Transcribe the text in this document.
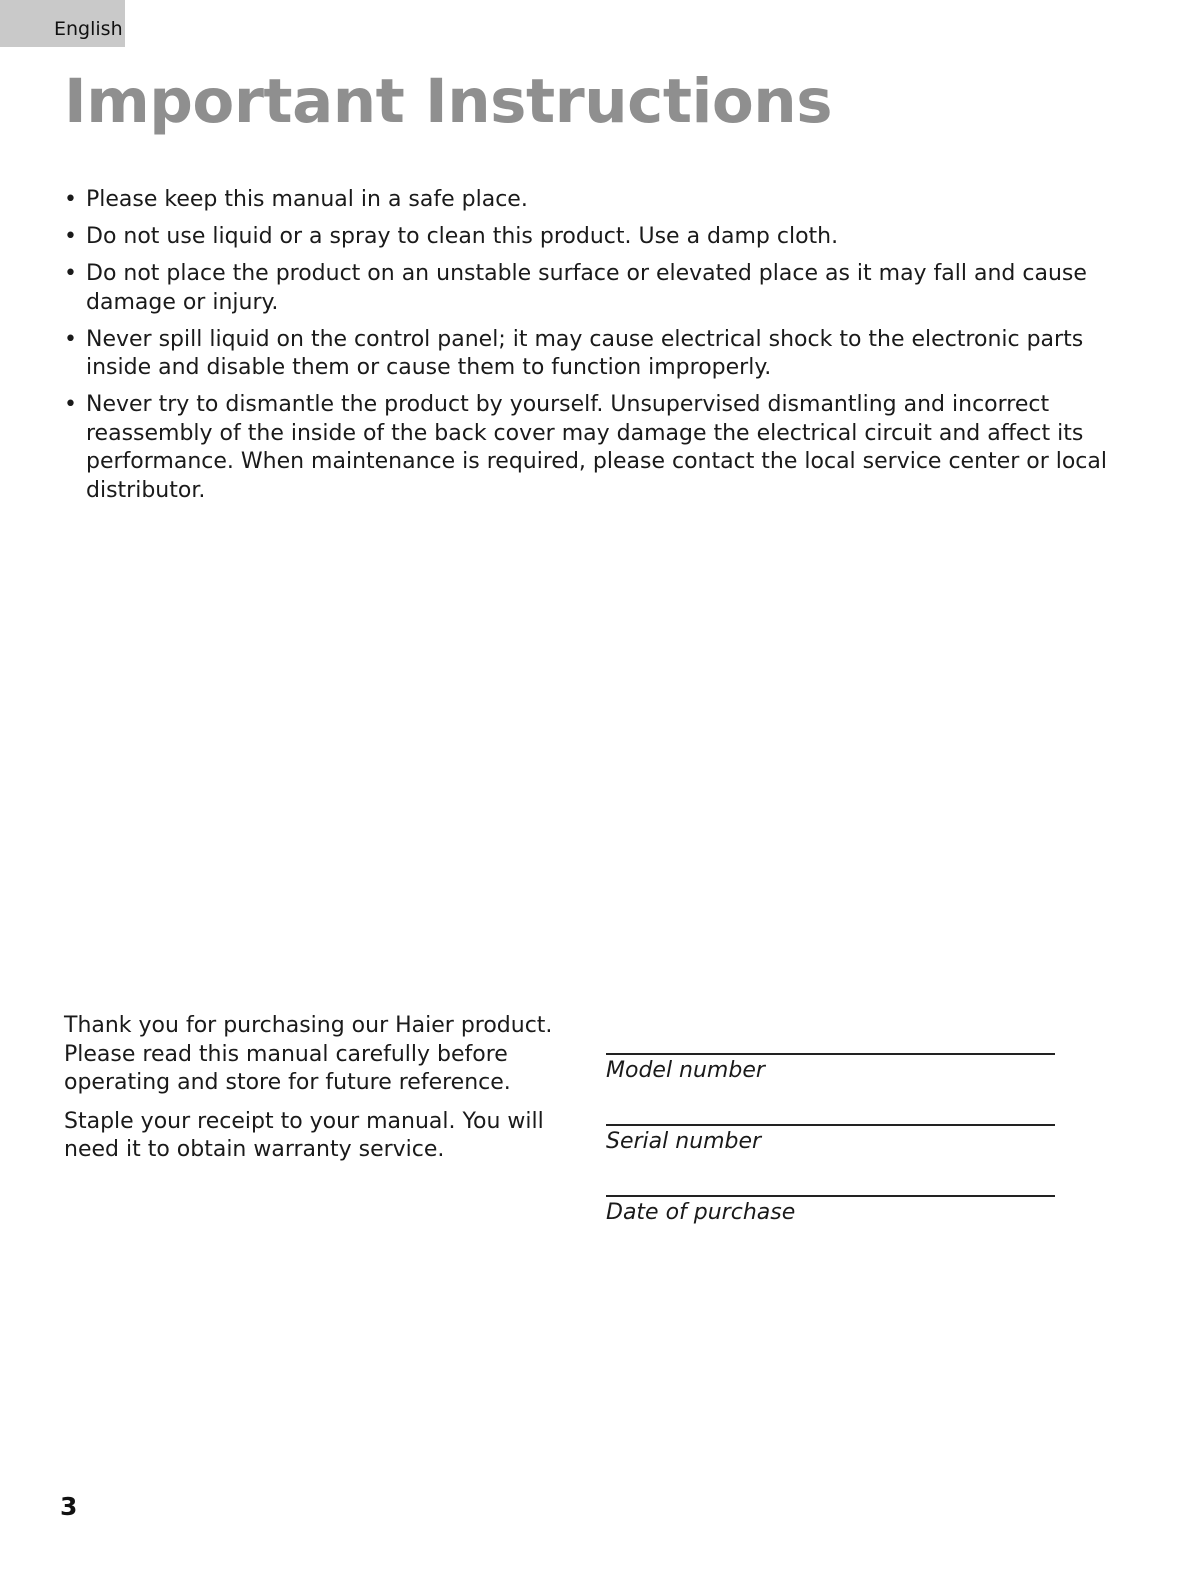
English
Important Instructions
• Please keep this manual in a safe place.
• Do not use liquid or a spray to clean this product. Use a damp cloth.
• Do not place the product on an unstable surface or elevated place as it may fall and cause damage or injury.
• Never spill liquid on the control panel; it may cause electrical shock to the electronic parts inside and disable them or cause them to function improperly.
• Never try to dismantle the product by yourself. Unsupervised dismantling and incorrect reassembly of the inside of the back cover may damage the electrical circuit and affect its performance. When maintenance is required, please contact the local service center or local distributor.

Thank you for purchasing our Haier product. Please read this manual carefully before operating and store for future reference.

Staple your receipt to your manual. You will need it to obtain warranty service.

Model number
Serial number
Date of purchase
3
